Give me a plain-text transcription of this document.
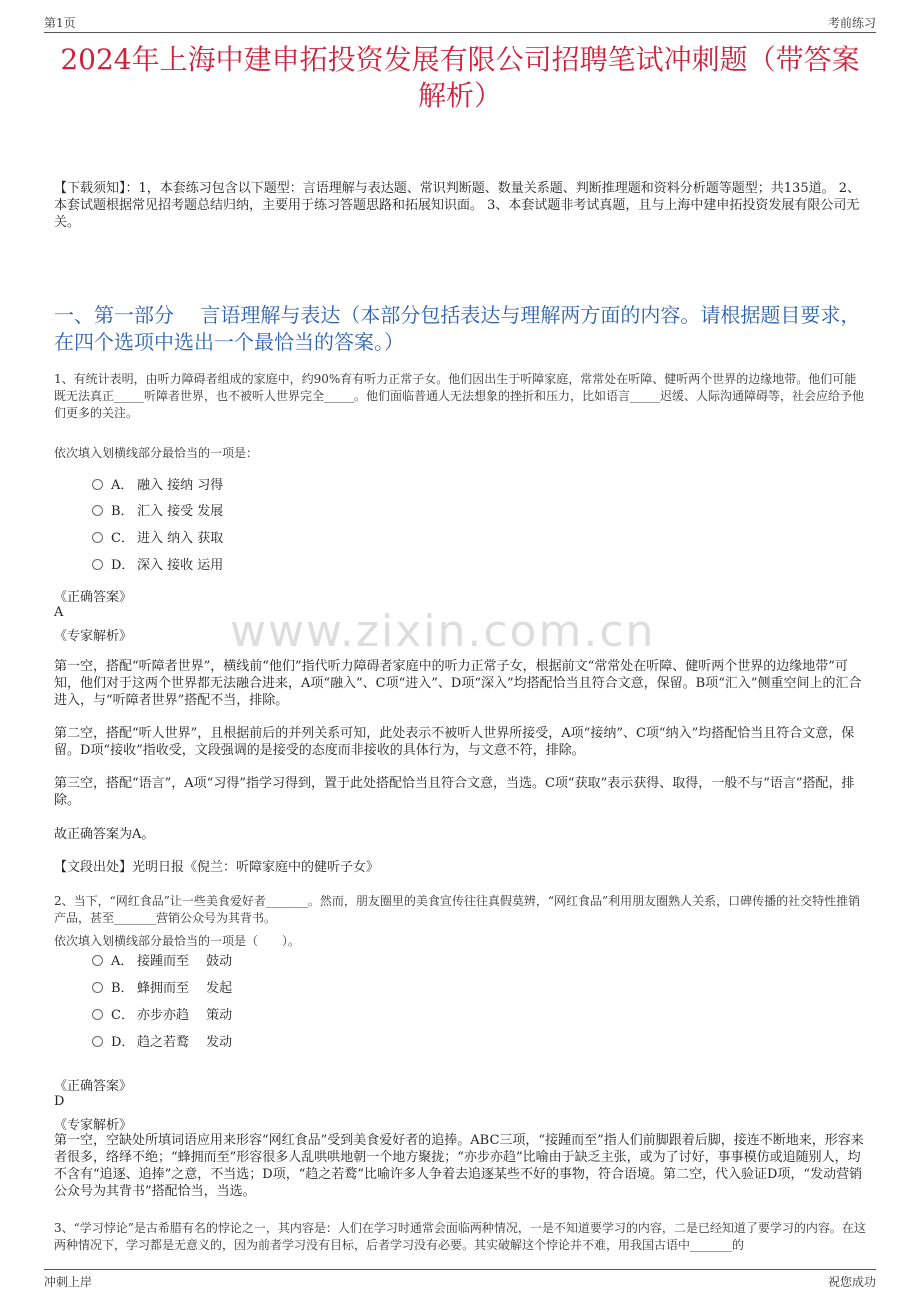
第1页	考前练习
2024年上海中建申拓投资发展有限公司招聘笔试冲刺题（带答案解析）
【下载须知】：1，本套练习包含以下题型：言语理解与表达题、常识判断题、数量关系题、判断推理题和资料分析题等题型；共135道。 2、本套试题根据常见招考题总结归纳，主要用于练习答题思路和拓展知识面。 3、本套试题非考试真题，且与上海中建申拓投资发展有限公司无关。
一、第一部分　 言语理解与表达（本部分包括表达与理解两方面的内容。请根据题目要求，在四个选项中选出一个最恰当的答案。）
1、有统计表明，由听力障碍者组成的家庭中，约90%育有听力正常子女。他们因出生于听障家庭，常常处在听障、健听两个世界的边缘地带。他们可能既无法真正_____听障者世界，也不被听人世界完全_____。他们面临普通人无法想象的挫折和压力，比如语言_____迟缓、人际沟通障碍等，社会应给予他们更多的关注。
依次填入划横线部分最恰当的一项是：
A． 融入 接纳 习得
B． 汇入 接受 发展
C． 进入 纳入 获取
D． 深入 接收 运用
《正确答案》
A
《专家解析》 www.zixin.com.cn
第一空，搭配“听障者世界”，横线前“他们”指代听力障碍者家庭中的听力正常子女，根据前文“常常处在听障、健听两个世界的边缘地带”可知，他们对于这两个世界都无法融合进来，A项“融入”、C项“进入”、D项“深入”均搭配恰当且符合文意，保留。B项“汇入”侧重空间上的汇合进入，与“听障者世界”搭配不当，排除。
第二空，搭配“听人世界”，且根据前后的并列关系可知，此处表示不被听人世界所接受，A项“接纳”、C项“纳入”均搭配恰当且符合文意，保留。D项“接收”指收受，文段强调的是接受的态度而非接收的具体行为，与文意不符，排除。
第三空，搭配“语言”，A项“习得”指学习得到，置于此处搭配恰当且符合文意，当选。C项“获取”表示获得、取得，一般不与“语言”搭配，排除。
故正确答案为A。
【文段出处】光明日报《倪兰：听障家庭中的健听子女》
2、当下，“网红食品”让一些美食爱好者_______。然而，朋友圈里的美食宣传往往真假莫辨，“网红食品”利用朋友圈熟人关系，口碑传播的社交特性推销产品，甚至_______营销公众号为其背书。
依次填入划横线部分最恰当的一项是（　　）。
A． 接踵而至　 鼓动
B． 蜂拥而至　 发起
C． 亦步亦趋　 策动
D． 趋之若鹜　 发动
《正确答案》
D
《专家解析》
第一空，空缺处所填词语应用来形容“网红食品”受到美食爱好者的追捧。ABC三项，“接踵而至”指人们前脚跟着后脚，接连不断地来，形容来者很多，络绎不绝；“蜂拥而至”形容很多人乱哄哄地朝一个地方聚拢；“亦步亦趋”比喻由于缺乏主张，或为了讨好，事事模仿或追随别人，均不含有“追逐、追捧”之意，不当选；D项，“趋之若鹜”比喻许多人争着去追逐某些不好的事物，符合语境。第二空，代入验证D项，“发动营销公众号为其背书”搭配恰当，当选。
3、“学习悖论”是古希腊有名的悖论之一，其内容是：人们在学习时通常会面临两种情况，一是不知道要学习的内容，二是已经知道了要学习的内容。在这两种情况下，学习都是无意义的，因为前者学习没有目标，后者学习没有必要。其实破解这个悖论并不难，用我国古语中_______的
冲刺上岸	祝您成功
